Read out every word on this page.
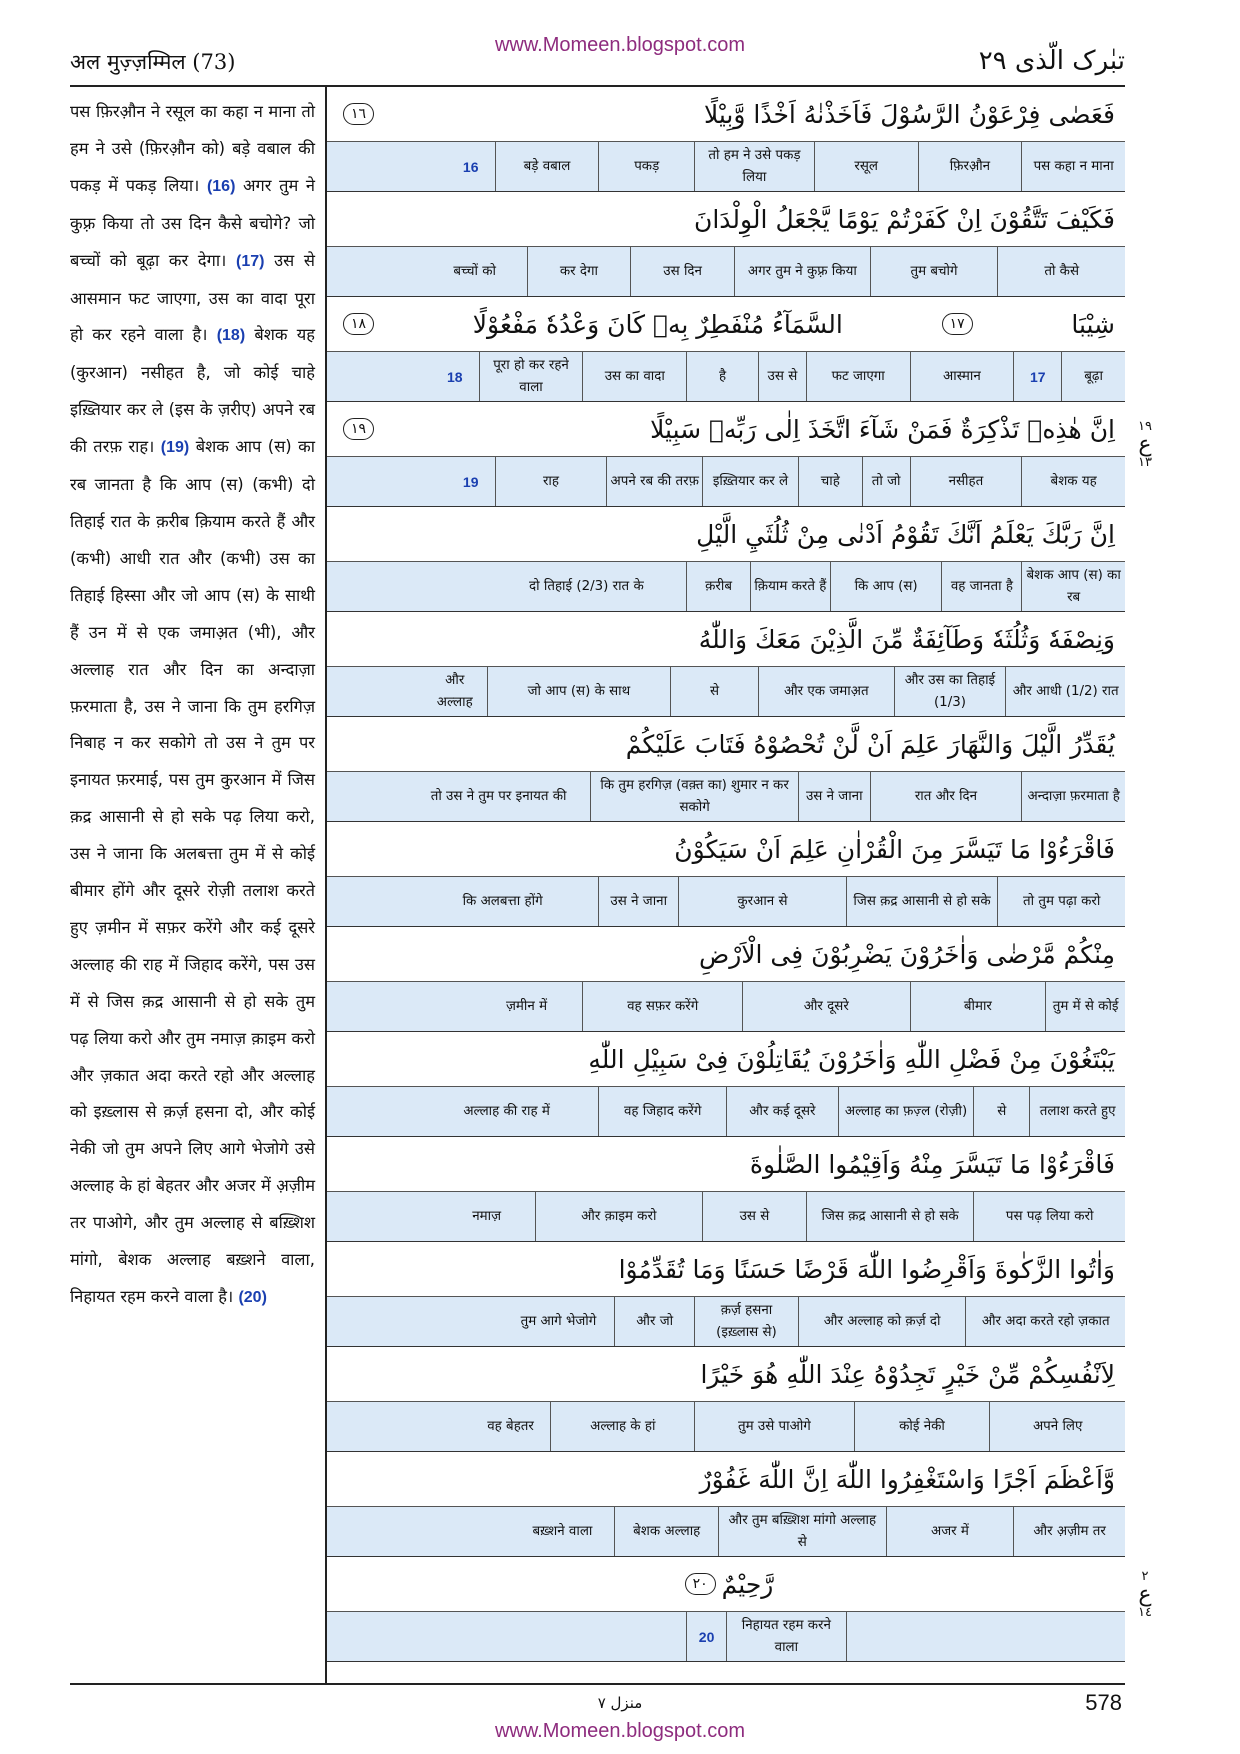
अल मुज़्ज़म्मिल (73)
www.Momeen.blogspot.com
تبٰرک الّذی ٢٩
पस फ़िरऔ़न ने रसूल का कहा न माना तो हम ने उसे (फ़िरऔ़न को) बड़े वबाल की पकड़ में पकड़ लिया। (16) अगर तुम ने कुफ़्र किया तो उस दिन कैसे बचोगे? जो बच्चों को बूढ़ा कर देगा। (17) उस से आसमान फट जाएगा, उस का वादा पूरा हो कर रहने वाला है। (18) बेशक यह (कुरआन) नसीहत है, जो कोई चाहे इख़्तियार कर ले (इस के ज़रीए) अपने रब की तरफ़ राह। (19) बेशक आप (स) का रब जानता है कि आप (स) (कभी) दो तिहाई रात के क़रीब क़ियाम करते हैं और (कभी) आधी रात और (कभी) उस का तिहाई हिस्सा और जो आप (स) के साथी हैं उन में से एक जमाअ़त (भी), और अल्लाह रात और दिन का अन्दाज़ा फ़रमाता है, उस ने जाना कि तुम हरगिज़ निबाह न कर सकोगे तो उस ने तुम पर इनायत फ़रमाई, पस तुम कुरआन में जिस क़द्र आसानी से हो सके पढ़ लिया करो, उस ने जाना कि अलबत्ता तुम में से कोई बीमार होंगे और दूसरे रोज़ी तलाश करते हुए ज़मीन में सफ़र करेंगे और कई दूसरे अल्लाह की राह में जिहाद करेंगे, पस उस में से जिस क़द्र आसानी से हो सके तुम पढ़ लिया करो और तुम नमाज़ क़ाइम करो और ज़कात अदा करते रहो और अल्लाह को इख़्लास से क़र्ज़ हसना दो, और कोई नेकी जो तुम अपने लिए आगे भेजोगे उसे अल्लाह के हां बेहतर और अजर में अ़ज़ीम तर पाओगे, और तुम अल्लाह से बख़्शिश मांगो, बेशक अल्लाह बख़्शने वाला, निहायत रहम करने वाला है। (20)
فَعَصٰى فِرْعَوْنُ الرَّسُوْلَ فَاَخَذْنٰهُ اَخْذًا وَّبِيْلًا
١٦
पस कहा न माना
फ़िरऔ़न
रसूल
तो हम ने उसे पकड़ लिया
पकड़
बड़े वबाल
16
فَكَيْفَ تَتَّقُوْنَ اِنْ كَفَرْتُمْ يَوْمًا يَّجْعَلُ الْوِلْدَانَ
तो कैसे
तुम बचोगे
अगर तुम ने कुफ़्र किया
उस दिन
कर देगा
बच्चों को
شِيْبَا
١٧
السَّمَآءُ مُنْفَطِرٌ بِهٖ كَانَ وَعْدُهٗ مَفْعُوْلًا
١٨
बूढ़ा
17
आस्मान
फट जाएगा
उस से
है
उस का वादा
पूरा हो कर रहने वाला
18
اِنَّ هٰذِهٖ تَذْكِرَةٌ فَمَنْ شَآءَ اتَّخَذَ اِلٰى رَبِّهٖ سَبِيْلًا
١٩
बेशक यह
नसीहत
तो जो
चाहे
इख़्तियार कर ले
अपने रब की तरफ़
राह
19
اِنَّ رَبَّكَ يَعْلَمُ اَنَّكَ تَقُوْمُ اَدْنٰى مِنْ ثُلُثَيِ الَّيْلِ
बेशक आप (स) का रब
वह जानता है
कि आप (स)
क़ियाम करते हैं
क़रीब
दो तिहाई (2/3) रात के
وَنِصْفَهٗ وَثُلُثَهٗ وَطَآئِفَةٌ مِّنَ الَّذِيْنَ مَعَكَ وَاللّٰهُ
और आधी (1/2) रात
और उस का तिहाई (1/3)
और एक जमाअ़त
से
जो आप (स) के साथ
और अल्लाह
يُقَدِّرُ الَّيْلَ وَالنَّهَارَ عَلِمَ اَنْ لَّنْ تُحْصُوْهُ فَتَابَ عَلَيْكُمْ
अन्दाज़ा फ़रमाता है
रात और दिन
उस ने जाना
कि तुम हरगिज़ (वक़्त का) शुमार न कर सकोगे
तो उस ने तुम पर इनायत की
فَاقْرَءُوْا مَا تَيَسَّرَ مِنَ الْقُرْاٰنِ عَلِمَ اَنْ سَيَكُوْنُ
तो तुम पढ़ा करो
जिस क़द्र आसानी से हो सके
कुरआन से
उस ने जाना
कि अलबत्ता होंगे
مِنْكُمْ مَّرْضٰى وَاٰخَرُوْنَ يَضْرِبُوْنَ فِى الْاَرْضِ
तुम में से कोई
बीमार
और दूसरे
वह सफ़र करेंगे
ज़मीन में
يَبْتَغُوْنَ مِنْ فَضْلِ اللّٰهِ وَاٰخَرُوْنَ يُقَاتِلُوْنَ فِىْ سَبِيْلِ اللّٰهِ
तलाश करते हुए
से
अल्लाह का फ़ज़्ल (रोज़ी)
और कई दूसरे
वह जिहाद करेंगे
अल्लाह की राह में
فَاقْرَءُوْا مَا تَيَسَّرَ مِنْهُ وَاَقِيْمُوا الصَّلٰوةَ
पस पढ़ लिया करो
जिस क़द्र आसानी से हो सके
उस से
और क़ाइम करो
नमाज़
وَاٰتُوا الزَّكٰوةَ وَاَقْرِضُوا اللّٰهَ قَرْضًا حَسَنًا وَمَا تُقَدِّمُوْا
और अदा करते रहो ज़कात
और अल्लाह को क़र्ज़ दो
क़र्ज़ हसना (इख़्लास से)
और जो
तुम आगे भेजोगे
لِاَنْفُسِكُمْ مِّنْ خَيْرٍ تَجِدُوْهُ عِنْدَ اللّٰهِ هُوَ خَيْرًا
अपने लिए
कोई नेकी
तुम उसे पाओगे
अल्लाह के हां
वह बेहतर
وَّاَعْظَمَ اَجْرًا وَاسْتَغْفِرُوا اللّٰهَ اِنَّ اللّٰهَ غَفُوْرٌ
और अ़ज़ीम तर
अजर में
और तुम बख़्शिश मांगो अल्लाह से
बेशक अल्लाह
बख़्शने वाला
رَّحِيْمٌ
٢٠
निहायत रहम करने वाला
20
١٩
ع
١٣
٢
ع
١٤
منزل ٧	578
www.Momeen.blogspot.com
